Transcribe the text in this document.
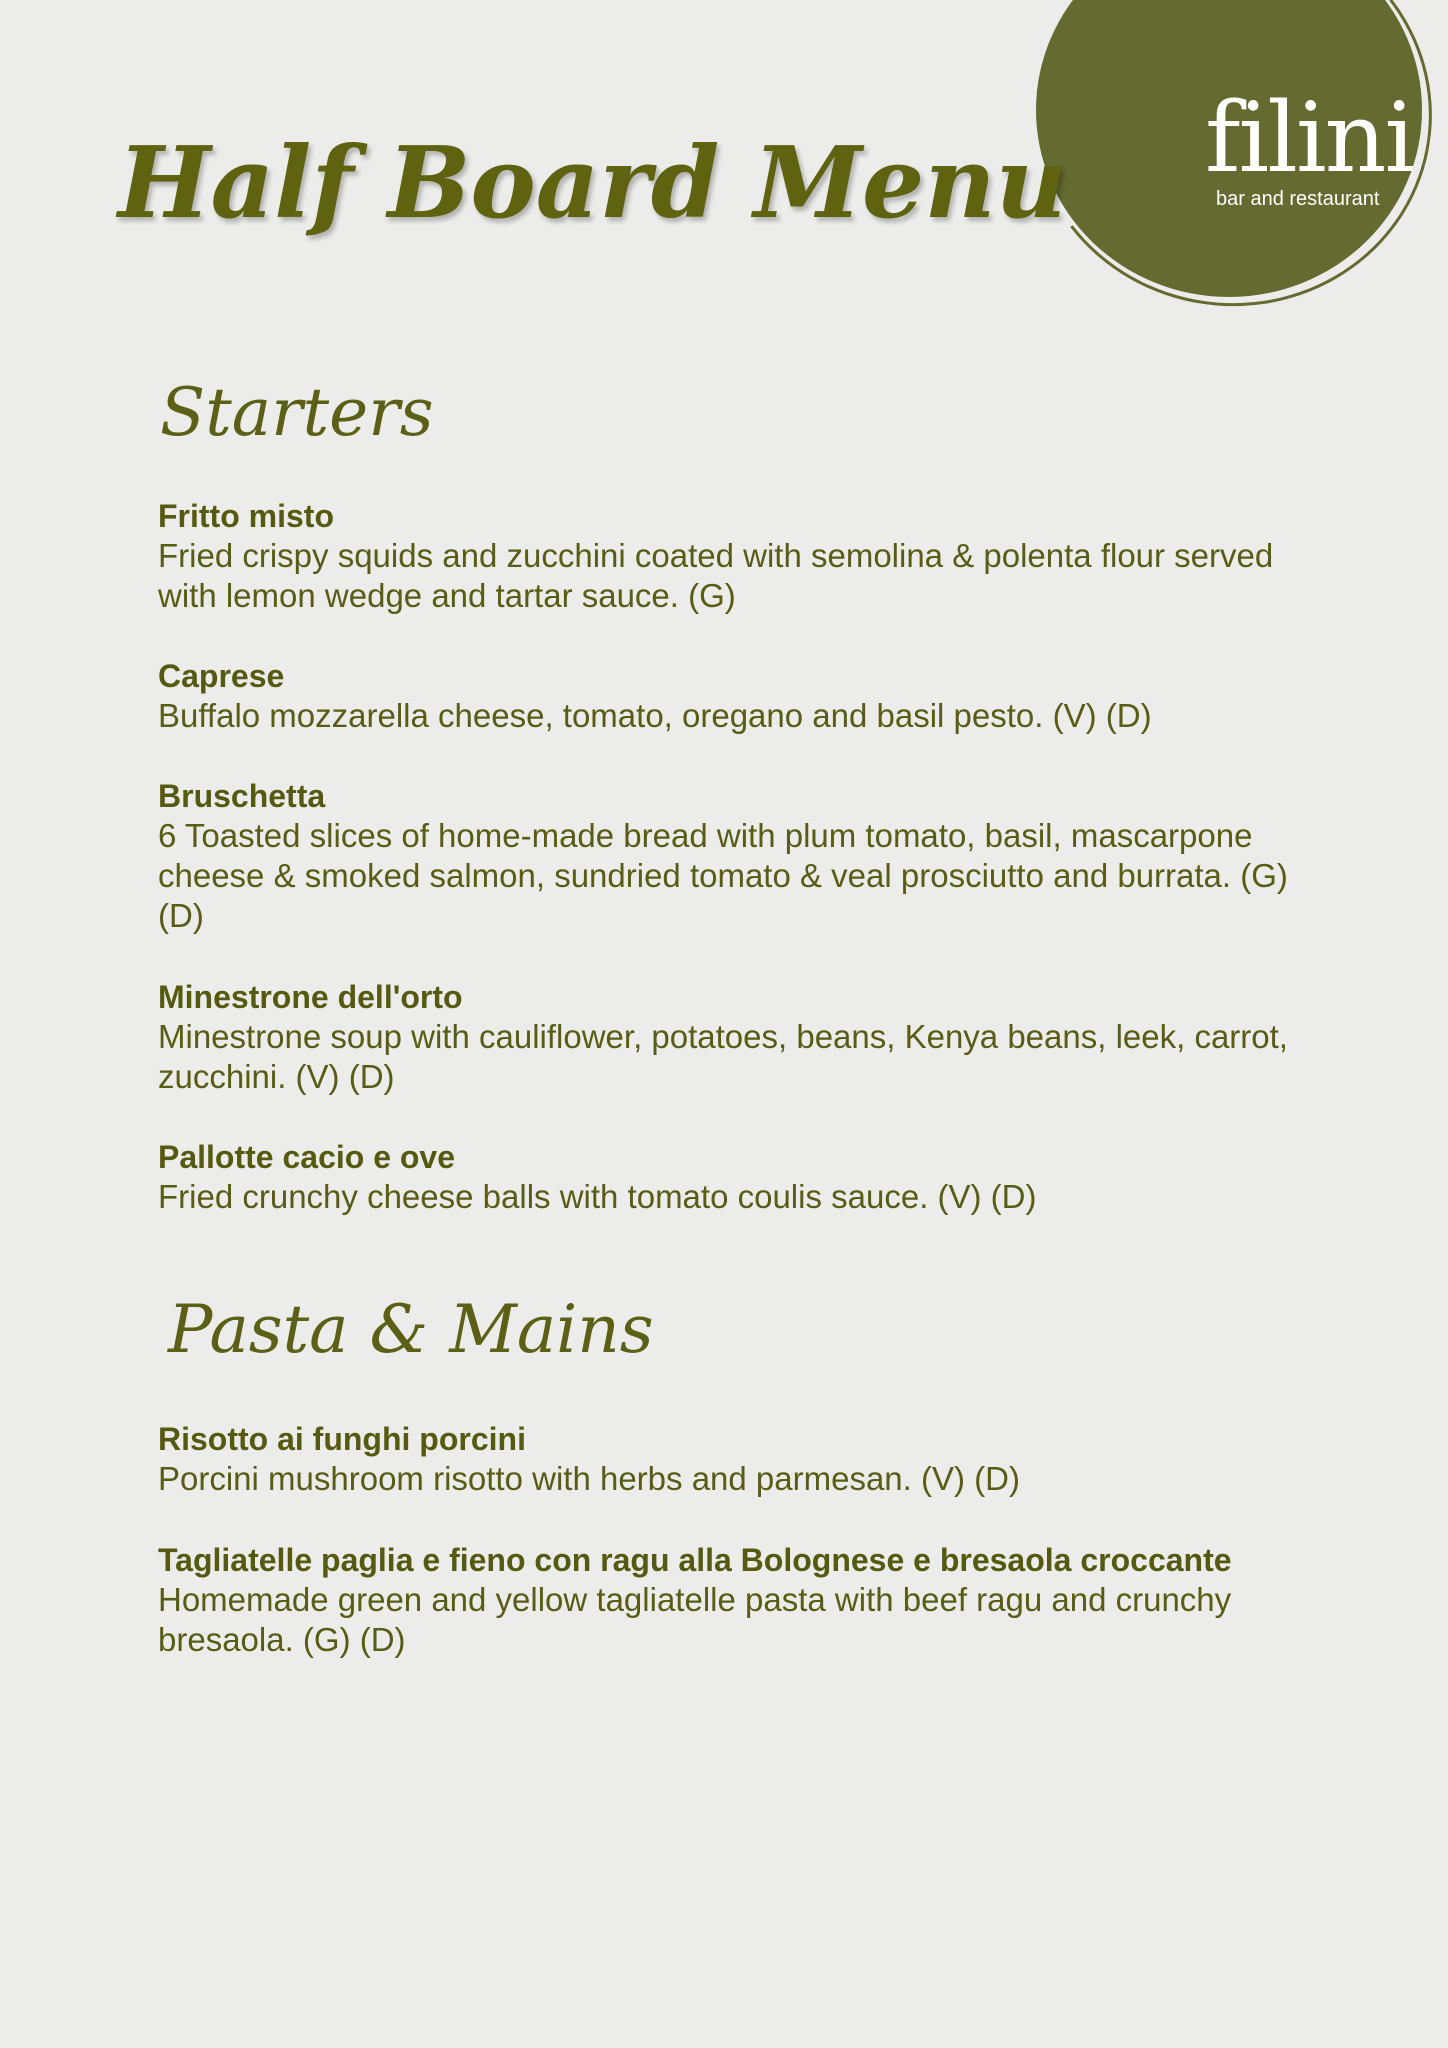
filini
bar and restaurant
Half Board Menu
Starters
Fritto misto
Fried crispy squids and zucchini coated with semolina & polenta flour served with lemon wedge and tartar sauce. (G)
Caprese
Buffalo mozzarella cheese, tomato, oregano and basil pesto. (V) (D)
Bruschetta
6 Toasted slices of home-made bread with plum tomato, basil, mascarpone cheese & smoked salmon, sundried tomato & veal prosciutto and burrata. (G) (D)
Minestrone dell'orto
Minestrone soup with cauliflower, potatoes, beans, Kenya beans, leek, carrot, zucchini. (V) (D)
Pallotte cacio e ove
Fried crunchy cheese balls with tomato coulis sauce. (V) (D)
Pasta & Mains
Risotto ai funghi porcini
Porcini mushroom risotto with herbs and parmesan. (V) (D)
Tagliatelle paglia e fieno con ragu alla Bolognese e bresaola croccante
Homemade green and yellow tagliatelle pasta with beef ragu and crunchy bresaola. (G) (D)
